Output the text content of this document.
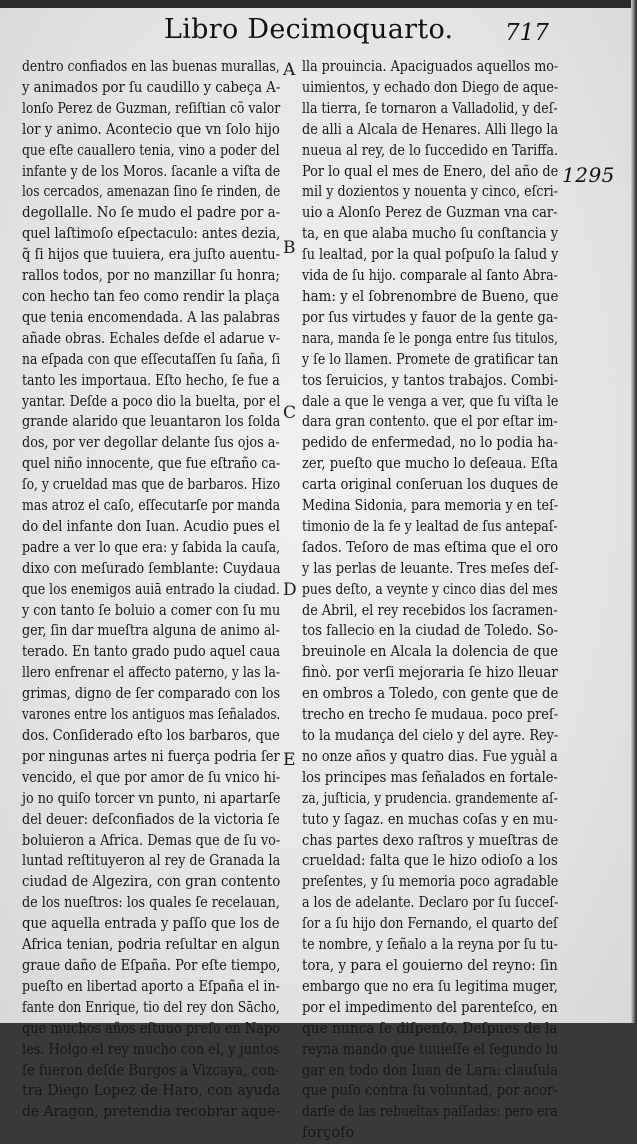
Libro Decimoquarto. 717
dentro confiados en las buenas murallas,
y animados por ſu caudillo y cabeça A-
lonſo Perez de Guzman, reſiſtian cõ valor
lor y animo. Acontecio que vn ſolo hijo
que eſte cauallero tenia, vino a poder del
infante y de los Moros. ſacanle a viſta de
los cercados, amenazan ſino ſe rinden, de
degollalle. No ſe mudo el padre por a-
quel laſtimoſo eſpectaculo: antes dezia,
q̃ ſi hijos que tuuiera, era juſto auentu-
rallos todos, por no manzillar ſu honra;
con hecho tan feo como rendir la plaça
que tenia encomendada. A las palabras
añade obras. Echales deſde el adarue v-
na eſpada con que eſſecutaſſen ſu ſaña, ſi
tanto les importaua. Eſto hecho, ſe fue a
yantar. Deſde a poco dio la buelta, por el
grande alarido que leuantaron los ſolda
dos, por ver degollar delante ſus ojos a-
quel niño innocente, que fue eſtraño ca-
ſo, y crueldad mas que de barbaros. Hizo
mas atroz el caſo, eſſecutarſe por manda
do del infante don Iuan. Acudio pues el
padre a ver lo que era: y ſabida la cauſa,
dixo con meſurado ſemblante: Cuydaua
que los enemigos auiā entrado la ciudad.
y con tanto ſe boluio a comer con ſu mu
ger, ſin dar mueſtra alguna de animo al-
terado. En tanto grado pudo aquel caua
llero enfrenar el affecto paterno, y las la-
grimas, digno de ſer comparado con los
varones entre los antiguos mas ſeñalados.
dos. Conſiderado eſto los barbaros, que
por ningunas artes ni fuerça podria ſer
vencido, el que por amor de ſu vnico hi-
jo no quiſo torcer vn punto, ni apartarſe
del deuer: deſconfiados de la victoria ſe
boluieron a Africa. Demas que de ſu vo-
luntad reſtituyeron al rey de Granada la
ciudad de Algezira, con gran contento
de los nueſtros: los quales ſe recelauan,
que aquella entrada y paſſo que los de
Africa tenian, podria reſultar en algun
graue daño de Eſpaña. Por eſte tiempo,
pueſto en libertad aporto a Eſpaña el in-
fante don Enrique, tio del rey don Sācho,
que muchos años eſtuuo preſo en Napo
les. Holgo el rey mucho con el, y juntos
ſe fueron deſde Burgos a Vizcaya, con-
tra Diego Lopez de Haro, con ayuda
de Aragon, pretendia recobrar aque-
lla prouincia. Apaciguados aquellos mo-
uimientos, y echado don Diego de aque-
lla tierra, ſe tornaron a Valladolid, y deſ-
de alli a Alcala de Henares. Alli llego la
nueua al rey, de lo ſuccedido en Tariffa.
Por lo qual el mes de Enero, del año de
mil y dozientos y nouenta y cinco, eſcri-
uio a Alonſo Perez de Guzman vna car-
ta, en que alaba mucho ſu conſtancia y
ſu lealtad, por la qual poſpuſo la ſalud y
vida de ſu hijo. comparale al ſanto Abra-
ham: y el ſobrenombre de Bueno, que
por ſus virtudes y fauor de la gente ga-
nara, manda ſe le ponga entre ſus titulos,
y ſe lo llamen. Promete de gratificar tan
tos ſeruicios, y tantos trabajos. Combi-
dale a que le venga a ver, que ſu viſta le
dara gran contento. que el por eſtar im-
pedido de enfermedad, no lo podia ha-
zer, pueſto que mucho lo deſeaua. Eſta
carta original conſeruan los duques de
Medina Sidonia, para memoria y en teſ-
timonio de la fe y lealtad de ſus antepaſ-
ſados. Teſoro de mas eſtima que el oro
y las perlas de leuante. Tres meſes deſ-
pues deſto, a veynte y cinco dias del mes
de Abril, el rey recebidos los ſacramen-
tos fallecio en la ciudad de Toledo. So-
breuinole en Alcala la dolencia de que
finò. por verſi mejoraria ſe hizo lleuar
en ombros a Toledo, con gente que de
trecho en trecho ſe mudaua. poco preſ-
to la mudança del cielo y del ayre. Rey-
no onze años y quatro dias. Fue yguàl a
los principes mas ſeñalados en fortale-
za, juſticia, y prudencia. grandemente aſ-
tuto y ſagaz. en muchas coſas y en mu-
chas partes dexo raſtros y mueſtras de
crueldad: falta que le hizo odioſo a los
preſentes, y ſu memoria poco agradable
a los de adelante. Declaro por ſu ſucceſ-
ſor a ſu hijo don Fernando, el quarto deſ
te nombre, y ſeñalo a la reyna por ſu tu-
tora, y para el gouierno del reyno: ſin
embargo que no era ſu legitima muger,
por el impedimento del parenteſco, en
que nunca ſe diſpenſo. Deſpues de la
reyna mando que tuuieſſe el ſegundo lu
gar en todo don Iuan de Lara: clauſula
que puſo contra ſu voluntad, por acor-
darſe de las rebueltas paſſadas: pero era
forçoſo
A
B
C
D
E
1295
